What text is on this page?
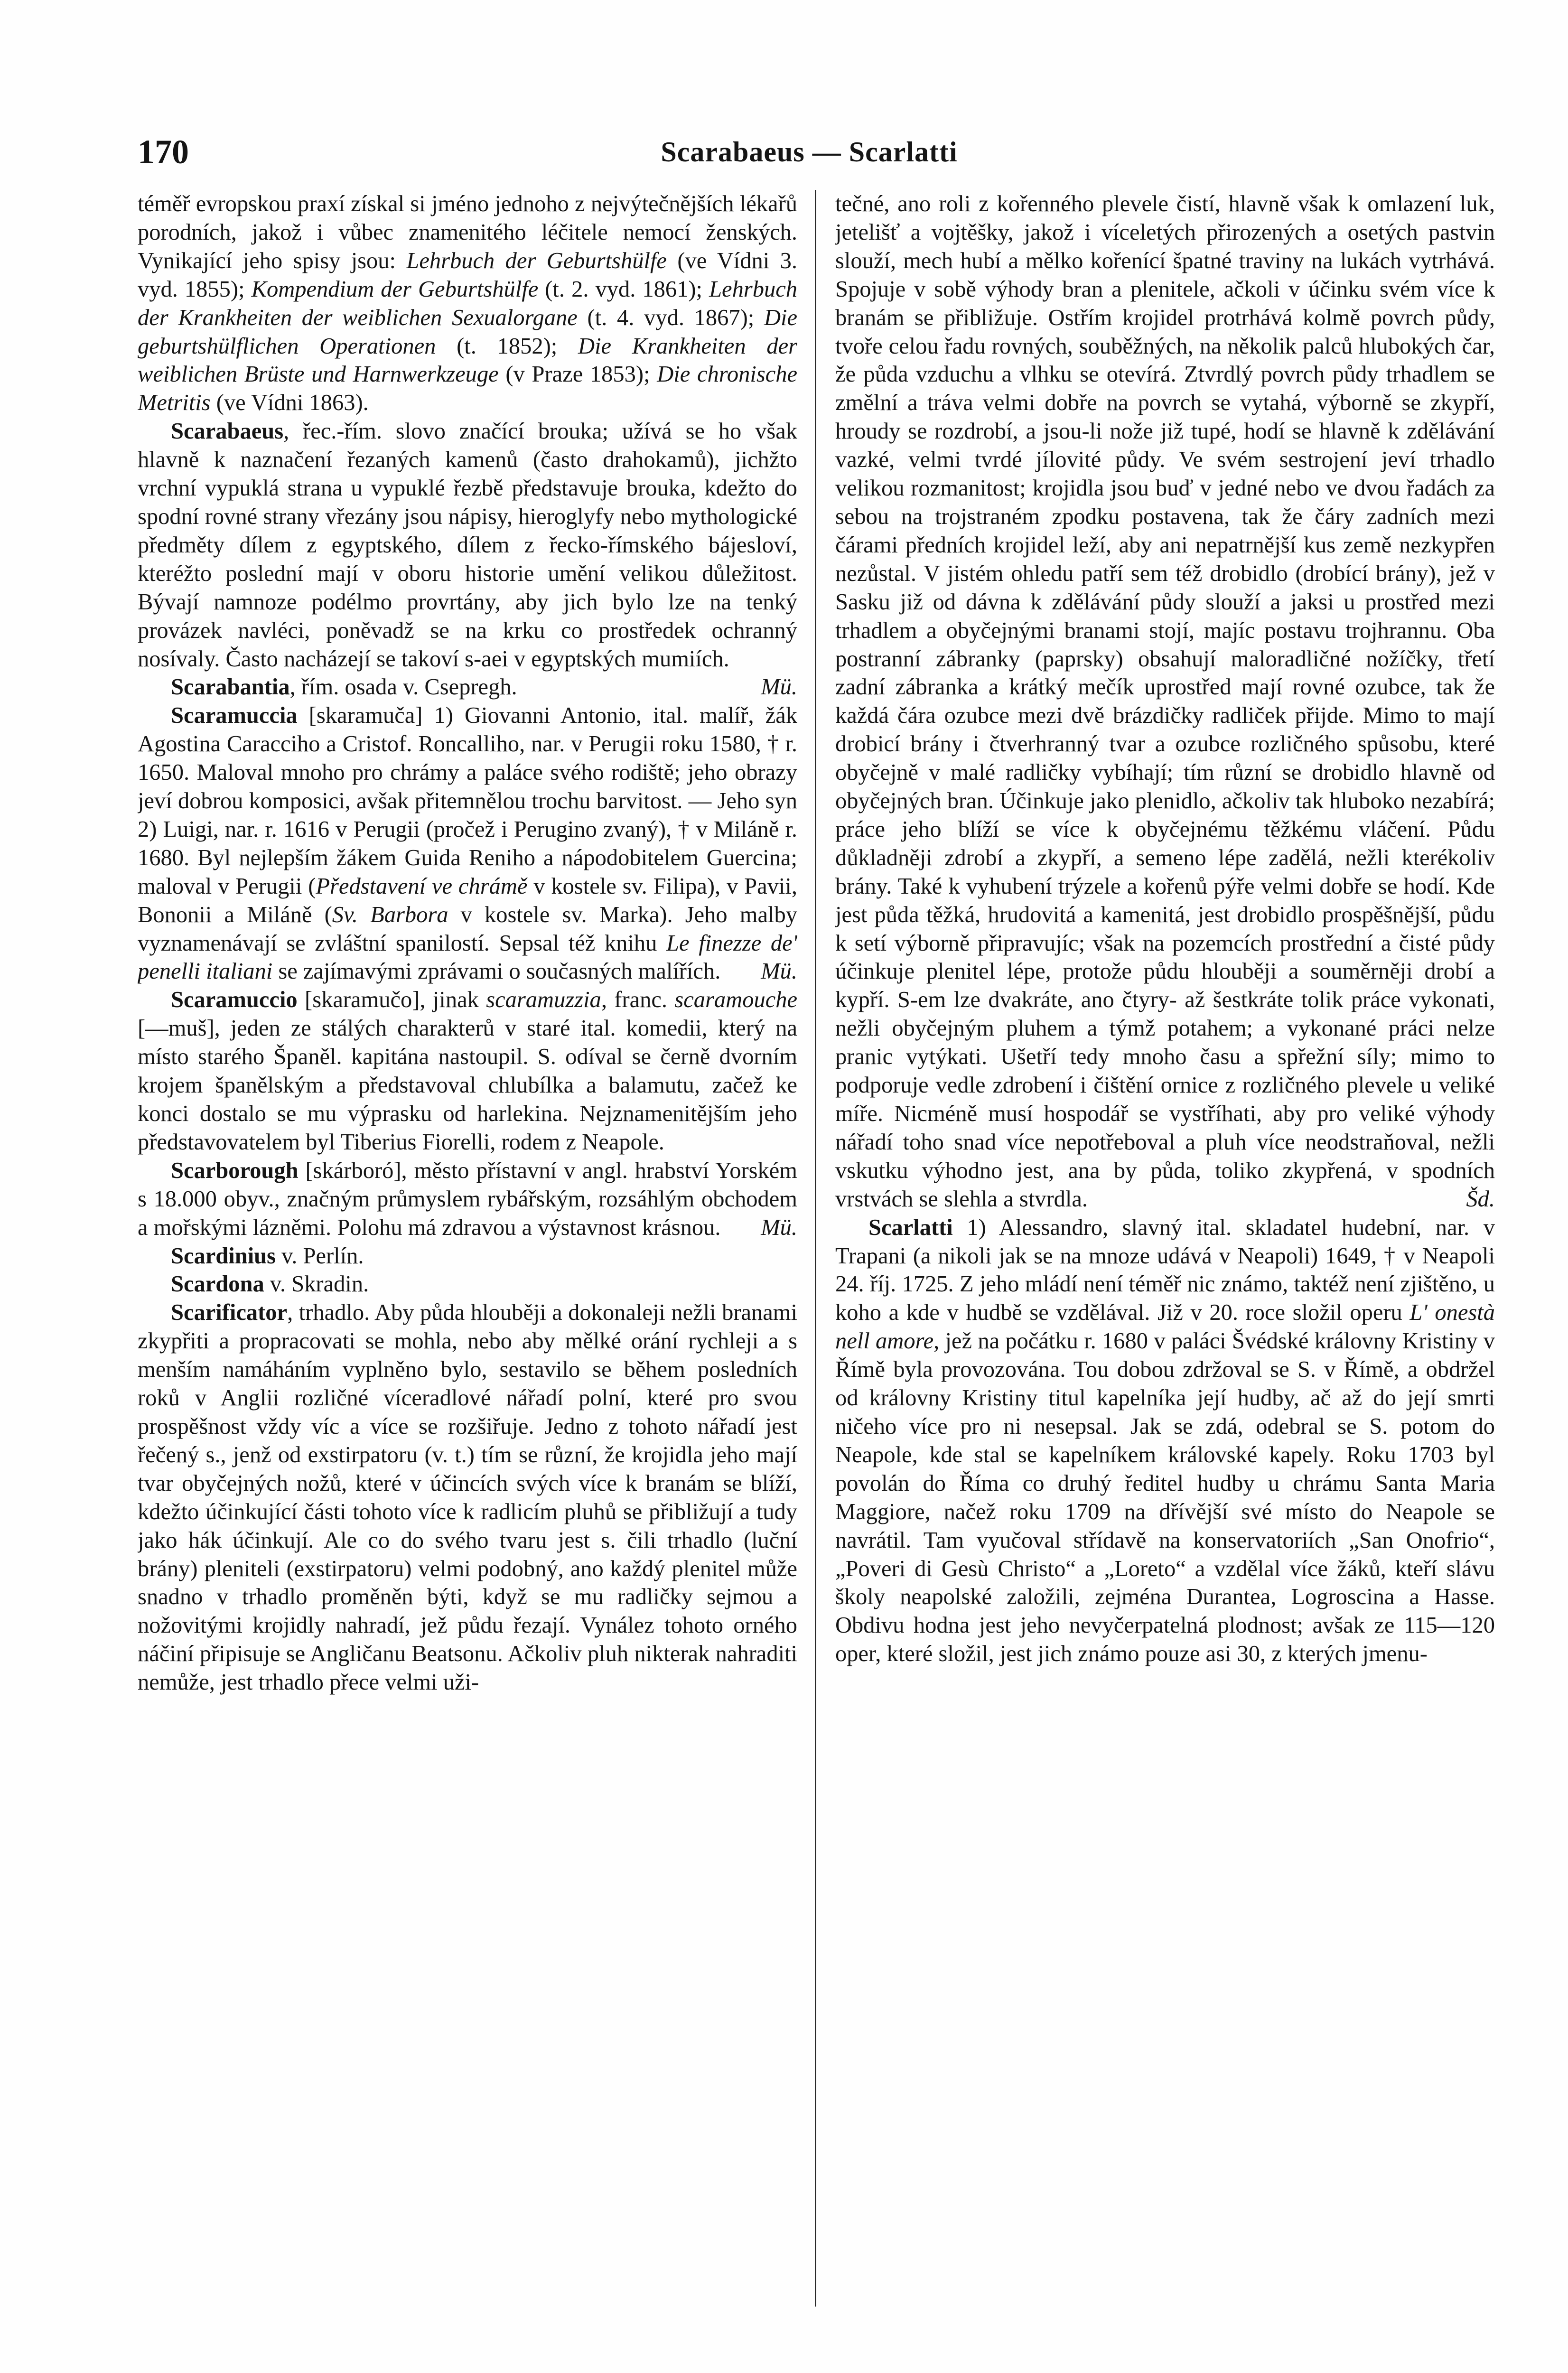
170	Scarabaeus — Scarlatti

téměř evropskou praxí získal si jméno jednoho z nejvýtečnějších lékařů porodních, jakož i vůbec znamenitého léčitele nemocí ženských. Vynikající jeho spisy jsou: Lehrbuch der Geburtshülfe (ve Vídni 3. vyd. 1855); Kompendium der Geburtshülfe (t. 2. vyd. 1861); Lehrbuch der Krankheiten der weiblichen Sexualorgane (t. 4. vyd. 1867); Die geburtshülflichen Operationen (t. 1852); Die Krankheiten der weiblichen Brüste und Harnwerkzeuge (v Praze 1853); Die chronische Metritis (ve Vídni 1863).

Scarabaeus, řec.-řím. slovo značící brouka; užívá se ho však hlavně k naznačení řezaných kamenů (často drahokamů), jichžto vrchní vypuklá strana u vypuklé řezbě představuje brouka, kdežto do spodní rovné strany vřezány jsou nápisy, hieroglyfy nebo mythologické předměty dílem z egyptského, dílem z řecko-římského bájesloví, kteréžto poslední mají v oboru historie umění velikou důležitost. Bývají namnoze podélmo provrtány, aby jich bylo lze na tenký provázek navléci, poněvadž se na krku co prostředek ochranný nosívaly. Často nacházejí se takoví s-aei v egyptských mumiích.
Mü.

Scarabantia, řím. osada v. Csepregh.

Scaramuccia [skaramuča] 1) Giovanni Antonio, ital. malíř, žák Agostina Caracciho a Cristof. Roncalliho, nar. v Perugii roku 1580, † r. 1650. Maloval mnoho pro chrámy a paláce svého rodiště; jeho obrazy jeví dobrou komposici, avšak přitemnělou trochu barvitost. — Jeho syn 2) Luigi, nar. r. 1616 v Perugii (pročež i Perugino zvaný), † v Miláně r. 1680. Byl nejlepším žákem Guida Reniho a nápodobitelem Guercina; maloval v Perugii (Představení ve chrámě v kostele sv. Filipa), v Pavii, Bononii a Miláně (Sv. Barbora v kostele sv. Marka). Jeho malby vyznamenávají se zvláštní spanilostí. Sepsal též knihu Le finezze de' penelli italiani se zajímavými zprávami o současných malířích.	Mü.

Scaramuccio [skaramučo], jinak scaramuzzia, franc. scaramouche [—muš], jeden ze stálých charakterů v staré ital. komedii, který na místo starého Španěl. kapitána nastoupil. S. odíval se černě dvorním krojem španělským a představoval chlubílka a balamutu, začež ke konci dostalo se mu výprasku od harlekina. Nejznamenitějším jeho představovatelem byl Tiberius Fiorelli, rodem z Neapole.

Scarborough [skárboró], město přístavní v angl. hrabství Yorském s 18.000 obyv., značným průmyslem rybářským, rozsáhlým obchodem a mořskými lázněmi. Polohu má zdravou a výstavnost krásnou.	Mü.

Scardinius v. Perlín.

Scardona v. Skradin.

Scarificator, trhadlo. Aby půda hlouběji a dokonaleji nežli branami zkypřiti a propracovati se mohla, nebo aby mělké orání rychleji a s menším namáháním vyplněno bylo, sestavilo se během posledních roků v Anglii rozličné víceradlové nářadí polní, které pro svou prospěšnost vždy víc a více se rozšiřuje. Jedno z tohoto nářadí jest řečený s., jenž od exstirpatoru (v. t.) tím se různí, že krojidla jeho mají tvar obyčejných nožů, které v účincích svých více k branám se blíží, kdežto účinkující části tohoto více k radlicím pluhů se přibližují a tudy jako hák účinkují. Ale co do svého tvaru jest s. čili trhadlo (luční brány) pleniteli (exstirpatoru) velmi podobný, ano každý plenitel může snadno v trhadlo proměněn býti, když se mu radličky sejmou a nožovitými krojidly nahradí, jež půdu řezají. Vynález tohoto orného náčiní připisuje se Angličanu Beatsonu. Ačkoliv pluh nikterak nahraditi nemůže, jest trhadlo přece velmi uži-

tečné, ano roli z kořenného plevele čistí, hlavně však k omlazení luk, jetelišť a vojtěšky, jakož i víceletých přirozených a osetých pastvin slouží, mech hubí a mělko kořenící špatné traviny na lukách vytrhává. Spojuje v sobě výhody bran a plenitele, ačkoli v účinku svém více k branám se přibližuje. Ostřím krojidel protrhává kolmě povrch půdy, tvoře celou řadu rovných, souběžných, na několik palců hlubokých čar, že půda vzduchu a vlhku se otevírá. Ztvrdlý povrch půdy trhadlem se změlní a tráva velmi dobře na povrch se vytahá, výborně se zkypří, hroudy se rozdrobí, a jsou-li nože již tupé, hodí se hlavně k zdělávání vazké, velmi tvrdé jílovité půdy. Ve svém sestrojení jeví trhadlo velikou rozmanitost; krojidla jsou buď v jedné nebo ve dvou řadách za sebou na trojstraném zpodku postavena, tak že čáry zadních mezi čárami předních krojidel leží, aby ani nepatrnější kus země nezkypřen nezůstal. V jistém ohledu patří sem též drobidlo (drobící brány), jež v Sasku již od dávna k zdělávání půdy slouží a jaksi u prostřed mezi trhadlem a obyčejnými branami stojí, majíc postavu trojhrannu. Oba postranní zábranky (paprsky) obsahují maloradličné nožíčky, třetí zadní zábranka a krátký mečík uprostřed mají rovné ozubce, tak že každá čára ozubce mezi dvě brázdičky radliček přijde. Mimo to mají drobicí brány i čtverhranný tvar a ozubce rozličného spůsobu, které obyčejně v malé radličky vybíhají; tím různí se drobidlo hlavně od obyčejných bran. Účinkuje jako plenidlo, ačkoliv tak hluboko nezabírá; práce jeho blíží se více k obyčejnému těžkému vláčení. Půdu důkladněji zdrobí a zkypří, a semeno lépe zadělá, nežli kterékoliv brány. Také k vyhubení trýzele a kořenů pýře velmi dobře se hodí. Kde jest půda těžká, hrudovitá a kamenitá, jest drobidlo prospěšnější, půdu k setí výborně připravujíc; však na pozemcích prostřední a čisté půdy účinkuje plenitel lépe, protože půdu hlouběji a souměrněji drobí a kypří. S-em lze dvakráte, ano čtyry- až šestkráte tolik práce vykonati, nežli obyčejným pluhem a týmž potahem; a vykonané práci nelze pranic vytýkati. Ušetří tedy mnoho času a spřežní síly; mimo to podporuje vedle zdrobení i čištění ornice z rozličného plevele u veliké míře. Nicméně musí hospodář se vystříhati, aby pro veliké výhody nářadí toho snad více nepotřeboval a pluh více neodstraňoval, nežli vskutku výhodno jest, ana by půda, toliko zkypřená, v spodních vrstvách se slehla a stvrdla.	Šd.

Scarlatti 1) Alessandro, slavný ital. skladatel hudební, nar. v Trapani (a nikoli jak se na mnoze udává v Neapoli) 1649, † v Neapoli 24. říj. 1725. Z jeho mládí není téměř nic známo, taktéž není zjištěno, u koho a kde v hudbě se vzdělával. Již v 20. roce složil operu L' onestà nell amore, jež na počátku r. 1680 v paláci Švédské královny Kristiny v Římě byla provozována. Tou dobou zdržoval se S. v Římě, a obdržel od královny Kristiny titul kapelníka její hudby, ač až do její smrti ničeho více pro ni nesepsal. Jak se zdá, odebral se S. potom do Neapole, kde stal se kapelníkem královské kapely. Roku 1703 byl povolán do Říma co druhý ředitel hudby u chrámu Santa Maria Maggiore, načež roku 1709 na dřívější své místo do Neapole se navrátil. Tam vyučoval střídavě na konservatoriích „San Onofrio“, „Poveri di Gesù Christo“ a „Loreto“ a vzdělal více žáků, kteří slávu školy neapolské založili, zejména Durantea, Logroscina a Hasse. Obdivu hodna jest jeho nevyčerpatelná plodnost; avšak ze 115—120 oper, které složil, jest jich známo pouze asi 30, z kterých jmenu-
